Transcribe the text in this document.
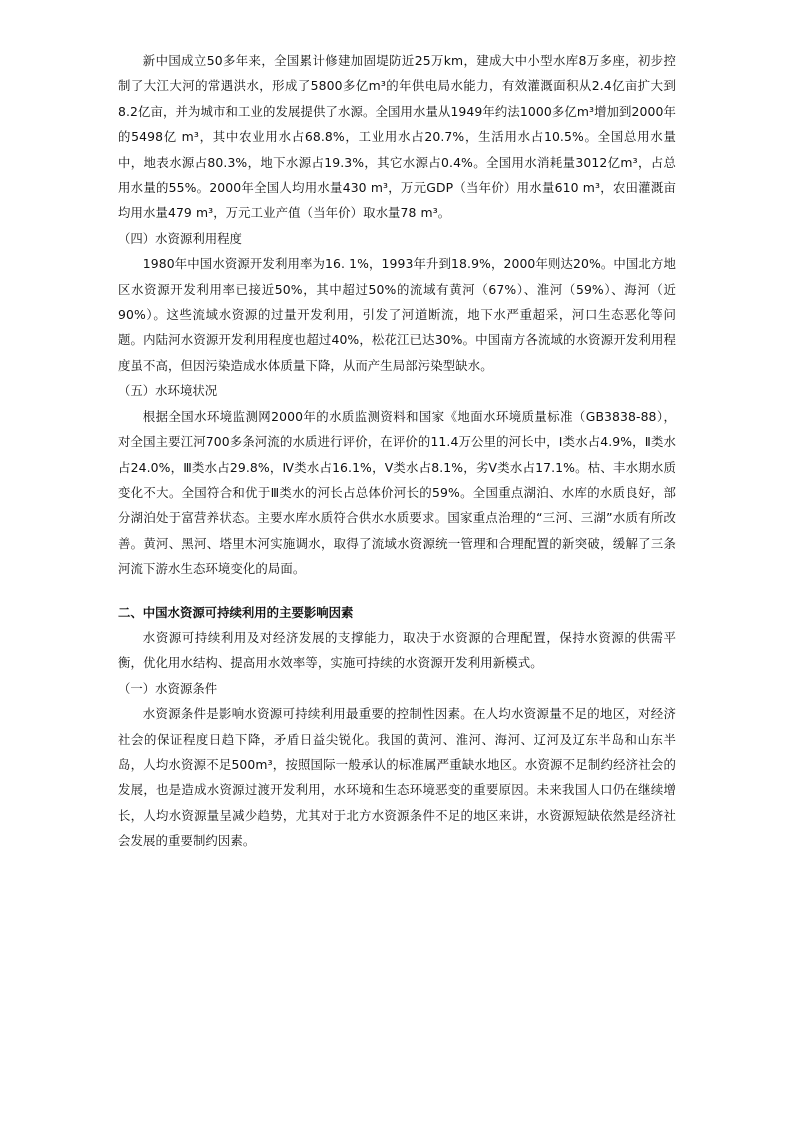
新中国成立50多年来，全国累计修建加固堤防近25万km，建成大中小型水库8万多座，初步控制了大江大河的常遇洪水，形成了5800多亿m³的年供电局水能力，有效灌溉面积从2.4亿亩扩大到8.2亿亩，并为城市和工业的发展提供了水源。全国用水量从1949年约法1000多亿m³增加到2000年的5498亿 m³，其中农业用水占68.8%，工业用水占20.7%，生活用水占10.5%。全国总用水量中，地表水源占80.3%，地下水源占19.3%，其它水源占0.4%。全国用水消耗量3012亿m³，占总用水量的55%。2000年全国人均用水量430 m³，万元GDP（当年价）用水量610 m³，农田灌溉亩均用水量479 m³，万元工业产值（当年价）取水量78 m³。

（四）水资源利用程度

1980年中国水资源开发利用率为16. 1%，1993年升到18.9%，2000年则达20%。中国北方地区水资源开发利用率已接近50%，其中超过50%的流域有黄河（67%）、淮河（59%）、海河（近90%）。这些流域水资源的过量开发利用，引发了河道断流，地下水严重超采，河口生态恶化等问题。内陆河水资源开发利用程度也超过40%，松花江已达30%。中国南方各流域的水资源开发利用程度虽不高，但因污染造成水体质量下降，从而产生局部污染型缺水。

（五）水环境状况

根据全国水环境监测网2000年的水质监测资料和国家《地面水环境质量标准（GB3838-88），对全国主要江河700多条河流的水质进行评价，在评价的11.4万公里的河长中，Ⅰ类水占4.9%，Ⅱ类水占24.0%，Ⅲ类水占29.8%，Ⅳ类水占16.1%，Ⅴ类水占8.1%，劣Ⅴ类水占17.1%。枯、丰水期水质变化不大。全国符合和优于Ⅲ类水的河长占总体价河长的59%。全国重点湖泊、水库的水质良好，部分湖泊处于富营养状态。主要水库水质符合供水水质要求。国家重点治理的“三河、三湖”水质有所改善。黄河、黑河、塔里木河实施调水，取得了流域水资源统一管理和合理配置的新突破，缓解了三条河流下游水生态环境变化的局面。

二、中国水资源可持续利用的主要影响因素

水资源可持续利用及对经济发展的支撑能力，取决于水资源的合理配置，保持水资源的供需平衡，优化用水结构、提高用水效率等，实施可持续的水资源开发利用新模式。

（一）水资源条件

水资源条件是影响水资源可持续利用最重要的控制性因素。在人均水资源量不足的地区，对经济社会的保证程度日趋下降，矛盾日益尖锐化。我国的黄河、淮河、海河、辽河及辽东半岛和山东半岛，人均水资源不足500m³，按照国际一般承认的标准属严重缺水地区。水资源不足制约经济社会的发展，也是造成水资源过渡开发利用，水环境和生态环境恶变的重要原因。未来我国人口仍在继续增长，人均水资源量呈减少趋势，尤其对于北方水资源条件不足的地区来讲，水资源短缺依然是经济社会发展的重要制约因素。
